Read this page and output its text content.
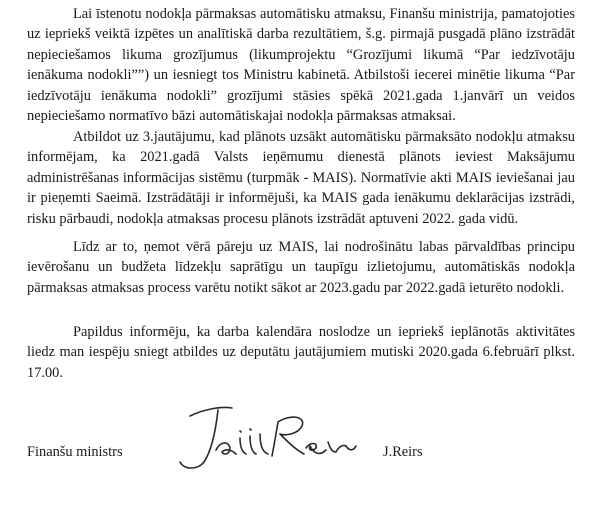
Lai īstenotu nodokļa pārmaksas automātisku atmaksu, Finanšu ministrija, pamatojoties uz iepriekš veiktā izpētes un analītiskā darba rezultātiem, š.g. pirmajā pusgadā plāno izstrādāt nepieciešamos likuma grozījumus (likumprojektu “Grozījumi likumā “Par iedzīvotāju ienākuma nodokli””) un iesniegt tos Ministru kabinetā. Atbilstoši iecerei minētie likuma “Par iedzīvotāju ienākuma nodokli” grozījumi stāsies spēkā 2021.gada 1.janvārī un veidos nepieciešamo normatīvo bāzi automātiskajai nodokļa pārmaksas atmaksai.

Atbildot uz 3.jautājumu, kad plānots uzsākt automātisku pārmaksāto nodokļu atmaksu informējam, ka 2021.gadā Valsts ieņēmumu dienestā plānots ieviest Maksājumu administrēšanas informācijas sistēmu (turpmāk - MAIS). Normatīvie akti MAIS ieviešanai jau ir pieņemti Saeimā. Izstrādātāji ir informējuši, ka MAIS gada ienākumu deklarācijas izstrādi, risku pārbaudi, nodokļa atmaksas procesu plānots izstrādāt aptuveni 2022. gada vidū.

Līdz ar to, ņemot vērā pāreju uz MAIS, lai nodrošinātu labas pārvaldības principu ievērošanu un budžeta līdzekļu saprātīgu un taupīgu izlietojumu, automātiskās nodokļa pārmaksas atmaksas process varētu notikt sākot ar 2023.gadu par 2022.gadā ieturēto nodokli.

Papildus informēju, ka darba kalendāra noslodze un iepriekš ieplānotās aktivitātes liedz man iespēju sniegt atbildes uz deputātu jautājumiem mutiski 2020.gada 6.februārī plkst. 17.00.

Finanšu ministrs	J.Reirs
